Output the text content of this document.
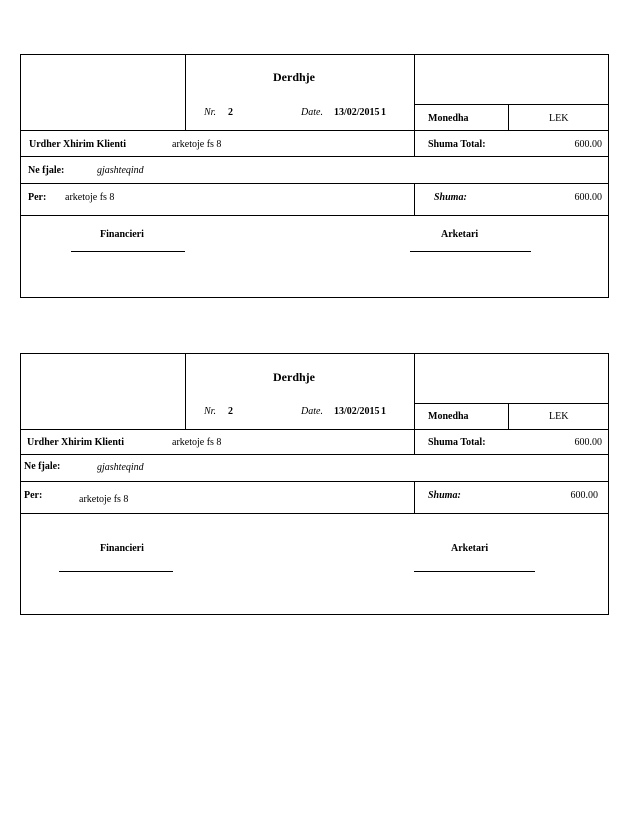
Derdhje
Nr. 2	Date. 13/02/2015 1
Monedha	LEK
Urdher Xhirim Klienti	arketoje fs 8	Shuma Total:	600.00
Ne fjale:	gjashteqind
Per: arketoje fs 8	Shuma:	600.00
Financieri	Arketari
Derdhje
Nr. 2	Date. 13/02/2015 1	Monedha	LEK
Urdher Xhirim Klienti	arketoje fs 8	Shuma Total:	600.00
Ne fjale:	gjashteqind
Per:	arketoje fs 8	Shuma:	600.00
Financieri	Arketari
